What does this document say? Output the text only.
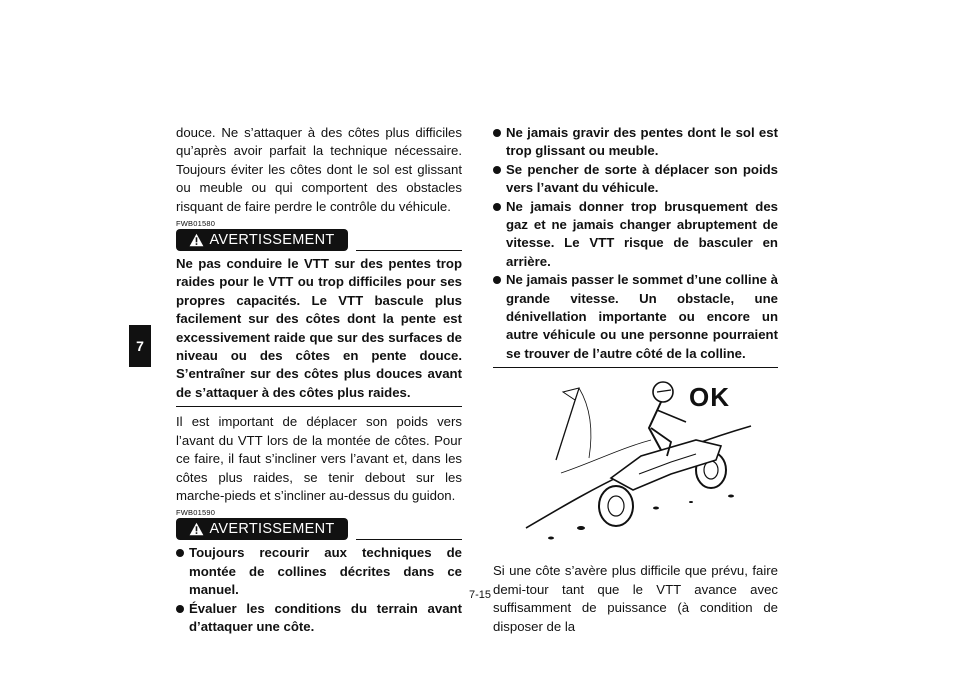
7

douce. Ne s’attaquer à des côtes plus difficiles qu’après avoir parfait la technique nécessaire. Toujours éviter les côtes dont le sol est glissant ou meuble ou qui comportent des obstacles risquant de faire perdre le contrôle du véhicule.

FWB01580
AVERTISSEMENT
Ne pas conduire le VTT sur des pentes trop raides pour le VTT ou trop difficiles pour ses propres capacités. Le VTT bascule plus facilement sur des côtes dont la pente est excessivement raide que sur des surfaces de niveau ou des côtes en pente douce. S’entraîner sur des côtes plus douces avant de s’attaquer à des côtes plus raides.

Il est important de déplacer son poids vers l’avant du VTT lors de la montée de côtes. Pour ce faire, il faut s’incliner vers l’avant et, dans les côtes plus raides, se tenir debout sur les marche-pieds et s’incliner au-dessus du guidon.

FWB01590
AVERTISSEMENT
Toujours recourir aux techniques de montée de collines décrites dans ce manuel.
Évaluer les conditions du terrain avant d’attaquer une côte.
Ne jamais gravir des pentes dont le sol est trop glissant ou meuble.
Se pencher de sorte à déplacer son poids vers l’avant du véhicule.
Ne jamais donner trop brusquement des gaz et ne jamais changer abruptement de vitesse. Le VTT risque de basculer en arrière.
Ne jamais passer le sommet d’une colline à grande vitesse. Un obstacle, une dénivellation importante ou encore un autre véhicule ou une personne pourraient se trouver de l’autre côté de la colline.
OK

Si une côte s’avère plus difficile que prévu, faire demi-tour tant que le VTT avance avec suffisamment de puissance (à condition de disposer de la

7-15
